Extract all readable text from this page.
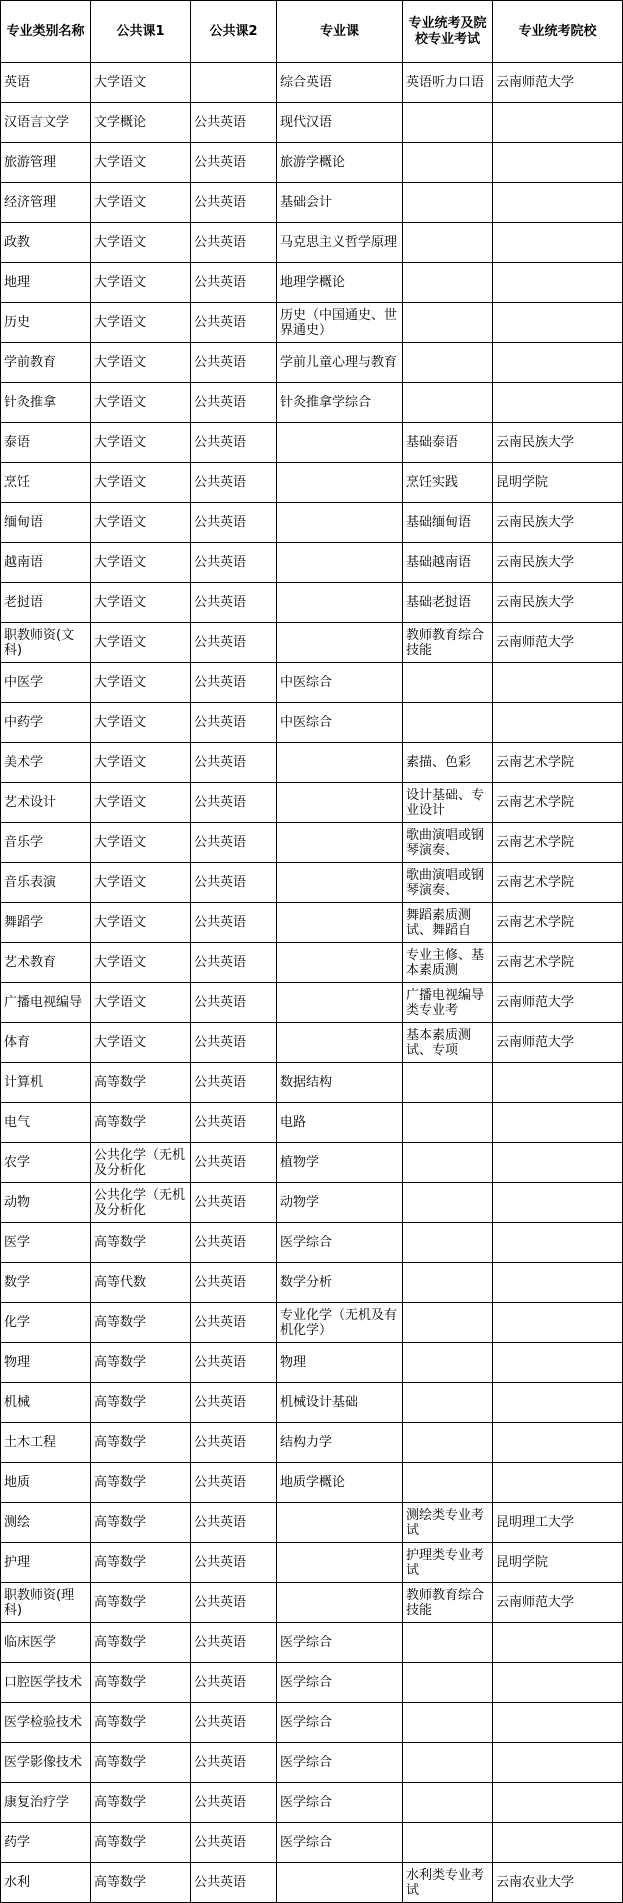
专业类别名称	公共课1	公共课2	专业课	专业统考及院校专业考试	专业统考院校

英语	大学语文		综合英语	英语听力口语	云南师范大学

汉语言文学	文学概论	公共英语	现代汉语		

旅游管理	大学语文	公共英语	旅游学概论		

经济管理	大学语文	公共英语	基础会计		

政教	大学语文	公共英语	马克思主义哲学原理		

地理	大学语文	公共英语	地理学概论		

历史	大学语文	公共英语	历史（中国通史、世界通史）		

学前教育	大学语文	公共英语	学前儿童心理与教育		

针灸推拿	大学语文	公共英语	针灸推拿学综合		

泰语	大学语文	公共英语		基础泰语	云南民族大学

烹饪	大学语文	公共英语		烹饪实践	昆明学院

缅甸语	大学语文	公共英语		基础缅甸语	云南民族大学

越南语	大学语文	公共英语		基础越南语	云南民族大学

老挝语	大学语文	公共英语		基础老挝语	云南民族大学

职教师资(文科)	大学语文	公共英语		教师教育综合技能	云南师范大学

中医学	大学语文	公共英语	中医综合		

中药学	大学语文	公共英语	中医综合		

美术学	大学语文	公共英语		素描、色彩	云南艺术学院

艺术设计	大学语文	公共英语		设计基础、专业设计	云南艺术学院

音乐学	大学语文	公共英语		歌曲演唱或钢琴演奏、	云南艺术学院

音乐表演	大学语文	公共英语		歌曲演唱或钢琴演奏、	云南艺术学院

舞蹈学	大学语文	公共英语		舞蹈素质测试、舞蹈自	云南艺术学院

艺术教育	大学语文	公共英语		专业主修、基本素质测	云南艺术学院

广播电视编导	大学语文	公共英语		广播电视编导类专业考	云南师范大学

体育	大学语文	公共英语		基本素质测试、专项	云南师范大学

计算机	高等数学	公共英语	数据结构		

电气	高等数学	公共英语	电路		

农学	公共化学（无机及分析化	公共英语	植物学		

动物	公共化学（无机及分析化	公共英语	动物学		

医学	高等数学	公共英语	医学综合		

数学	高等代数	公共英语	数学分析		

化学	高等数学	公共英语	专业化学（无机及有机化学）		

物理	高等数学	公共英语	物理		

机械	高等数学	公共英语	机械设计基础		

土木工程	高等数学	公共英语	结构力学		

地质	高等数学	公共英语	地质学概论		

测绘	高等数学	公共英语		测绘类专业考试	昆明理工大学

护理	高等数学	公共英语		护理类专业考试	昆明学院

职教师资(理科)	高等数学	公共英语		教师教育综合技能	云南师范大学

临床医学	高等数学	公共英语	医学综合		

口腔医学技术	高等数学	公共英语	医学综合		

医学检验技术	高等数学	公共英语	医学综合		

医学影像技术	高等数学	公共英语	医学综合		

康复治疗学	高等数学	公共英语	医学综合		

药学	高等数学	公共英语	医学综合		

水利	高等数学	公共英语		水利类专业考试	云南农业大学
